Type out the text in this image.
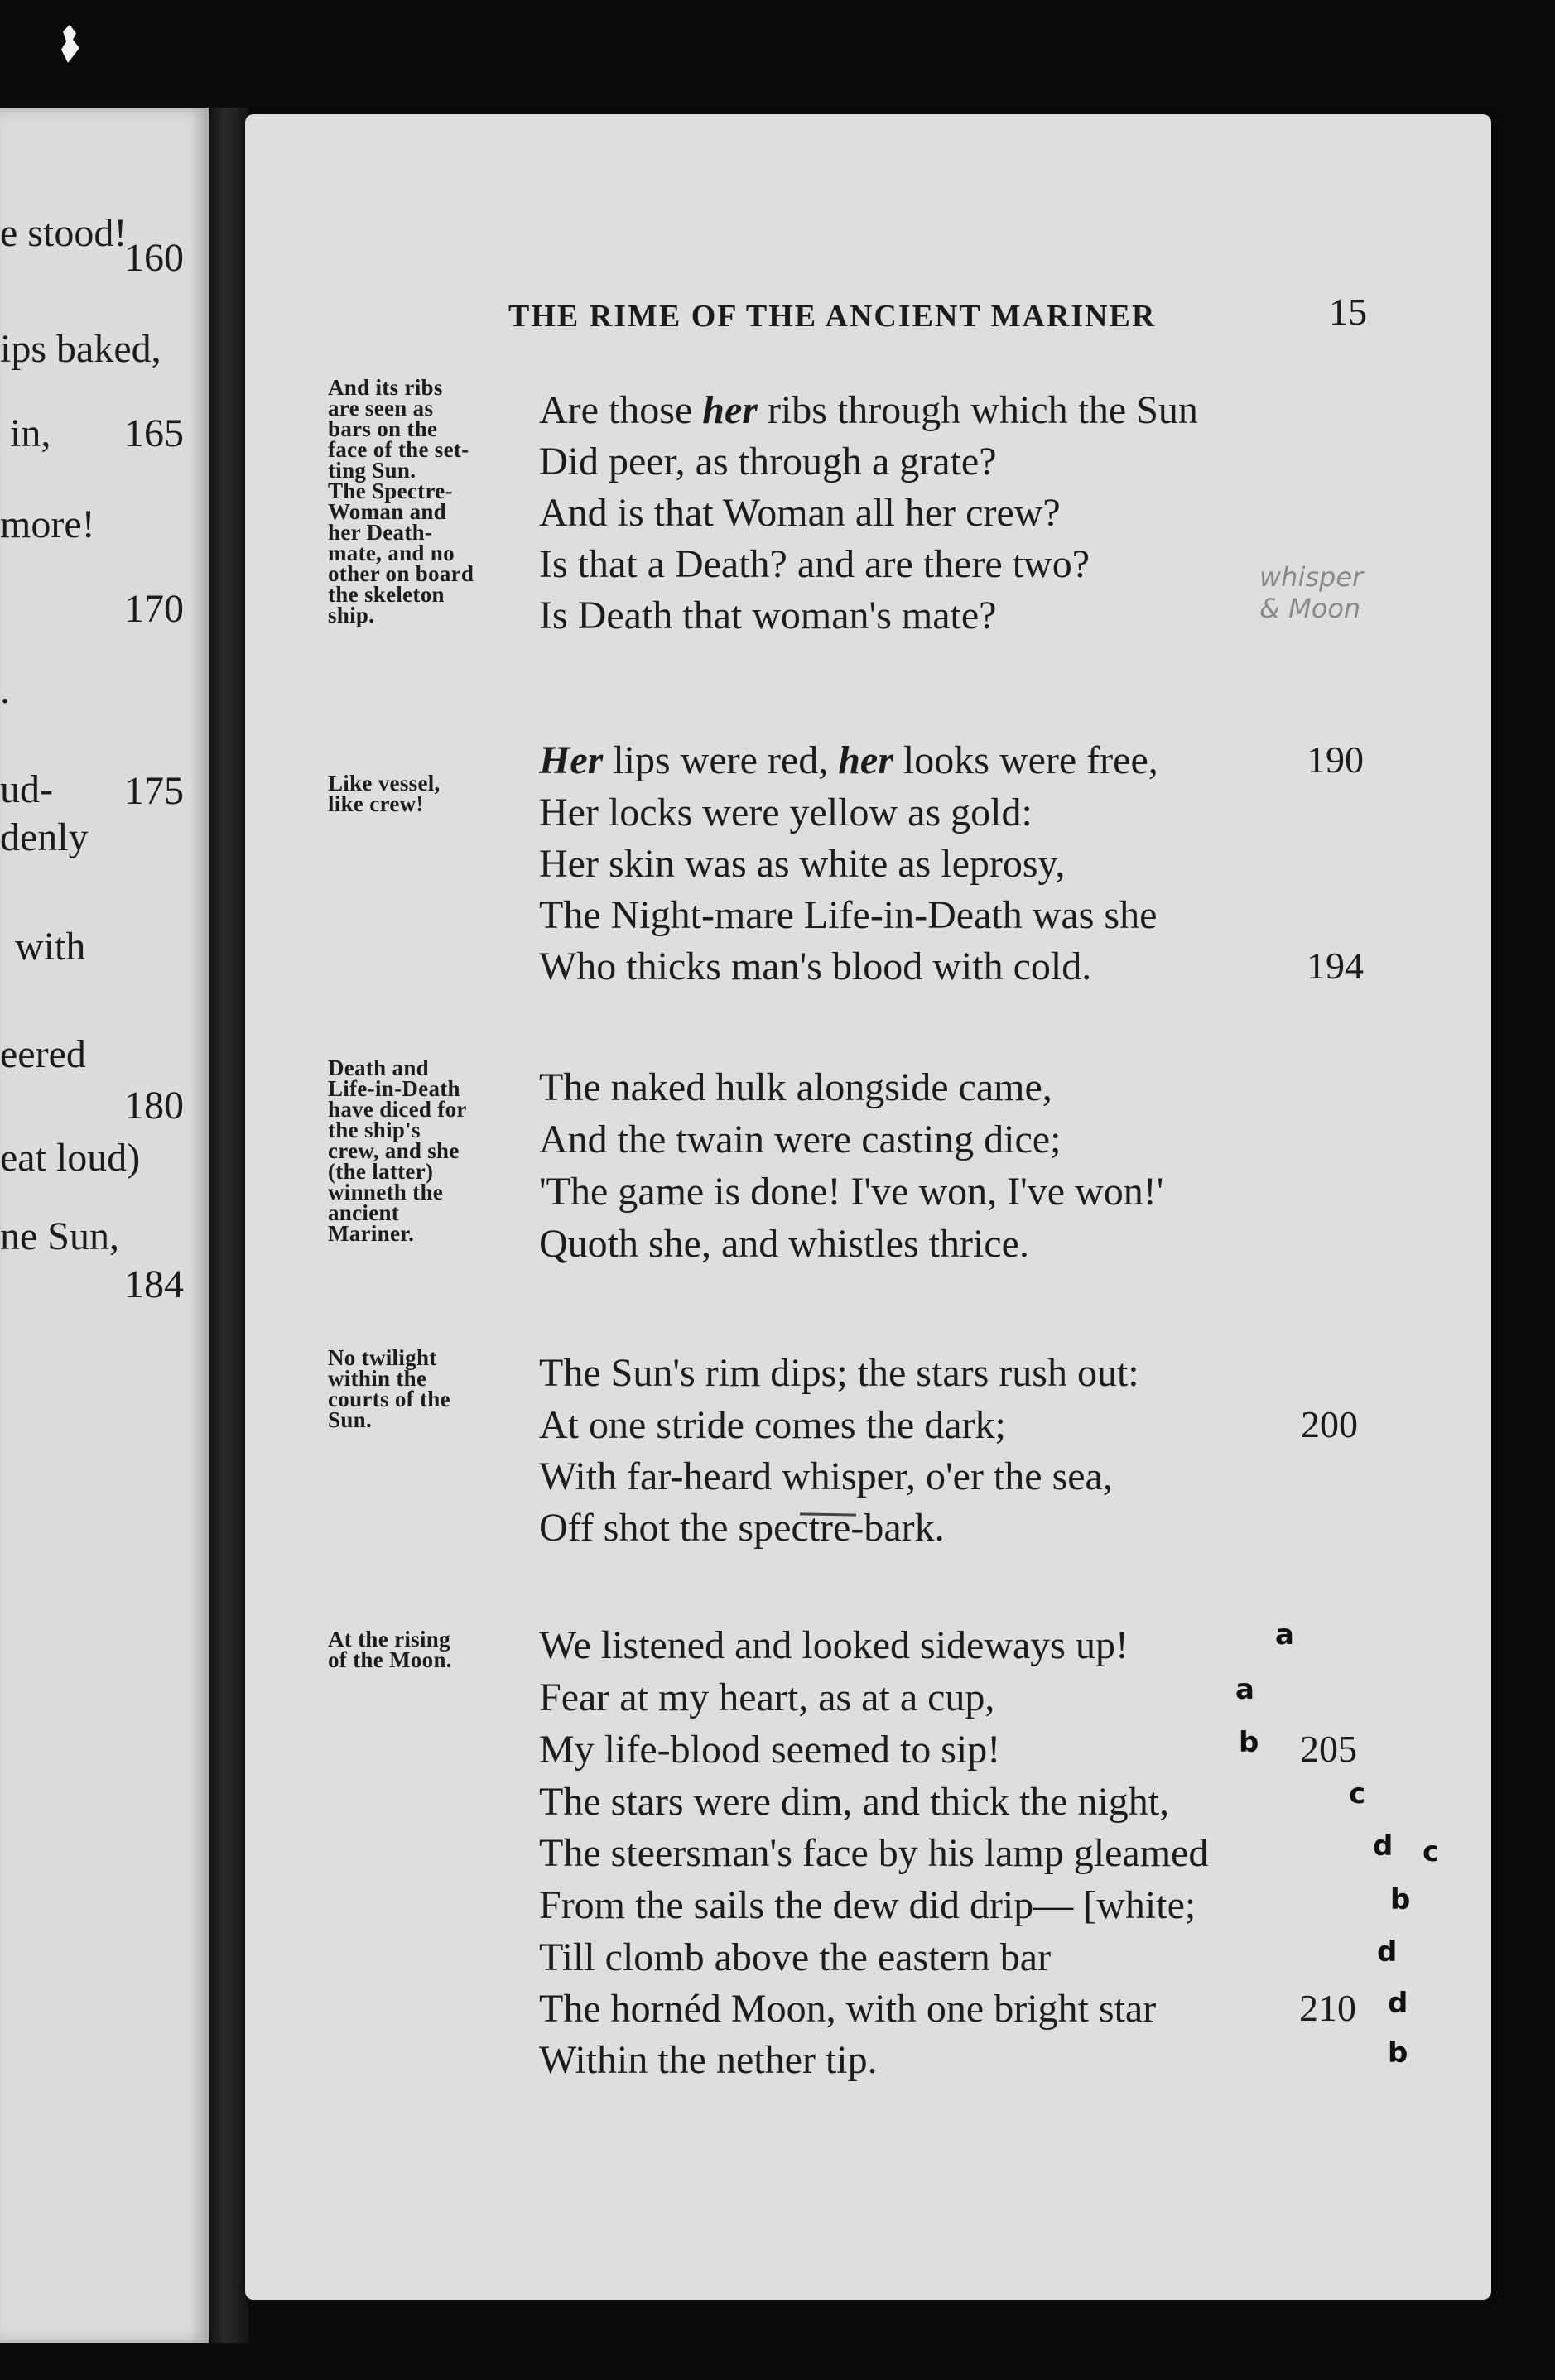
e stood!
160
ips baked,
in, 165
more!
170
.
ud- 175
denly
with
eered
180
eat loud)
ne Sun,
184
THE RIME OF THE ANCIENT MARINER	15
And its ribs
are seen as
bars on the
face of the set-
ting Sun.
The Spectre-
Woman and
her Death-
mate, and no
other on board
the skeleton
ship.
Are those her ribs through which the Sun
Did peer, as through a grate?
And is that Woman all her crew?
Is that a Death? and are there two?
Is Death that woman's mate?
whisper
& Moon
Like vessel,
like crew!
Her lips were red, her looks were free,
Her locks were yellow as gold:
Her skin was as white as leprosy,
The Night-mare Life-in-Death was she
Who thicks man's blood with cold.
190
194
Death and
Life-in-Death
have diced for
the ship's
crew, and she
(the latter)
winneth the
ancient
Mariner.
The naked hulk alongside came,
And the twain were casting dice;
'The game is done! I've won, I've won!'
Quoth she, and whistles thrice.
No twilight
within the
courts of the
Sun.
The Sun's rim dips; the stars rush out:
At one stride comes the dark;
With far-heard whisper, o'er the sea,
Off shot the spectre-bark.
200
At the rising
of the Moon.	We listened and looked sideways up!
Fear at my heart, as at a cup,
My life-blood seemed to sip!
The stars were dim, and thick the night,
The steersman's face by his lamp gleamed
From the sails the dew did drip— [white;
Till clomb above the eastern bar
The hornéd Moon, with one bright star
Within the nether tip.
205
210
a
a
b
c
d c
b
d
d
b
